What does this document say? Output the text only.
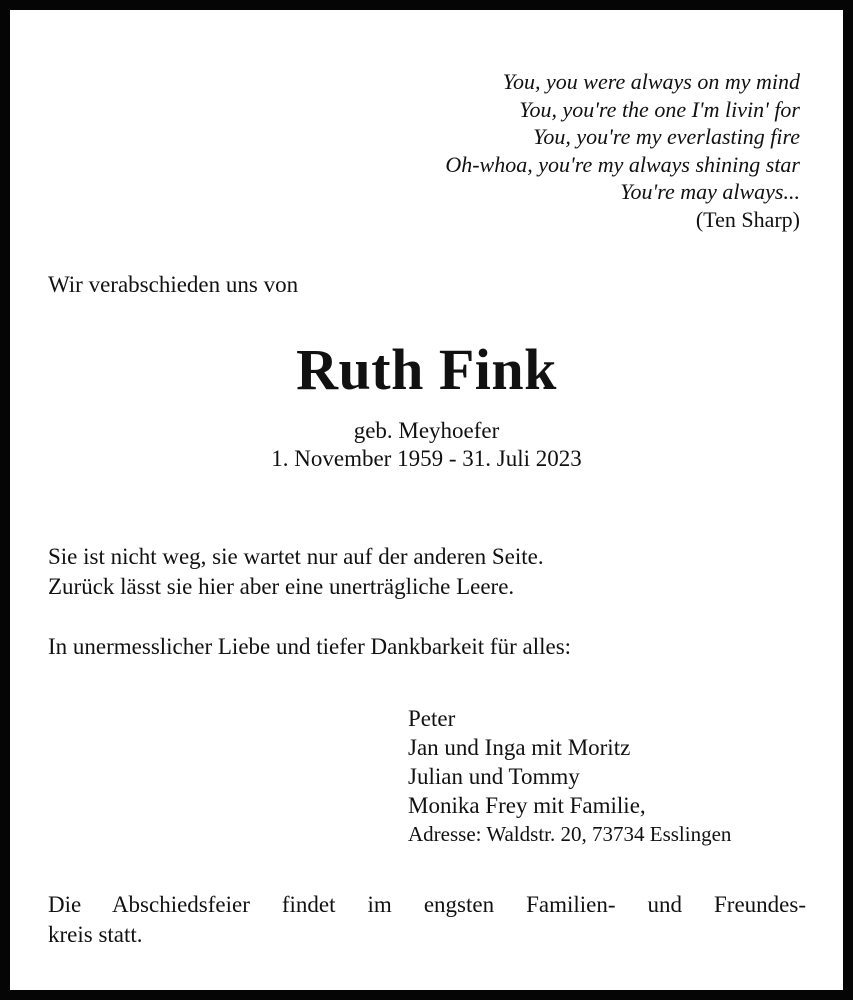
You, you were always on my mind
You, you're the one I'm livin' for
You, you're my everlasting fire
Oh-whoa, you're my always shining star
You're may always...
(Ten Sharp)
Wir verabschieden uns von
Ruth Fink
geb. Meyhoefer
1. November 1959 - 31. Juli 2023
Sie ist nicht weg, sie wartet nur auf der anderen Seite.
Zurück lässt sie hier aber eine unerträgliche Leere.
In unermesslicher Liebe und tiefer Dankbarkeit für alles:
Peter
Jan und Inga mit Moritz
Julian und Tommy
Monika Frey mit Familie,
Adresse: Waldstr. 20, 73734 Esslingen
Die Abschiedsfeier findet im engsten Familien- und Freundes-
kreis statt.
